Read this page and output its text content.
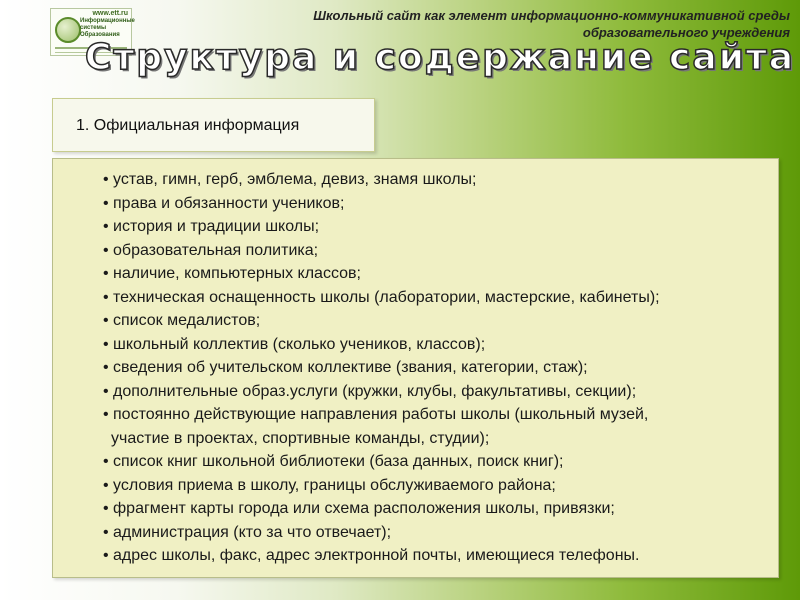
www.ett.ru
Информационные
системы
Образования
Школьный сайт как элемент информационно-коммуникативной среды
образовательного учреждения
Структура и содержание сайта
1. Официальная информация
• устав, гимн, герб, эмблема, девиз, знамя школы;
• права и обязанности учеников;
• история и традиции школы;
• образовательная политика;
• наличие, компьютерных классов;
• техническая оснащенность школы (лаборатории, мастерские, кабинеты);
• список медалистов;
• школьный коллектив (сколько учеников, классов);
• сведения об учительском коллективе (звания, категории, стаж);
• дополнительные образ.услуги (кружки, клубы, факультативы, секции);
• постоянно действующие направления работы школы (школьный музей,
участие в проектах, спортивные команды, студии);
• список книг школьной библиотеки (база данных, поиск книг);
• условия приема в школу, границы обслуживаемого района;
• фрагмент карты города или схема расположения школы, привязки;
• администрация (кто за что отвечает);
• адрес школы, факс, адрес электронной почты, имеющиеся телефоны.
